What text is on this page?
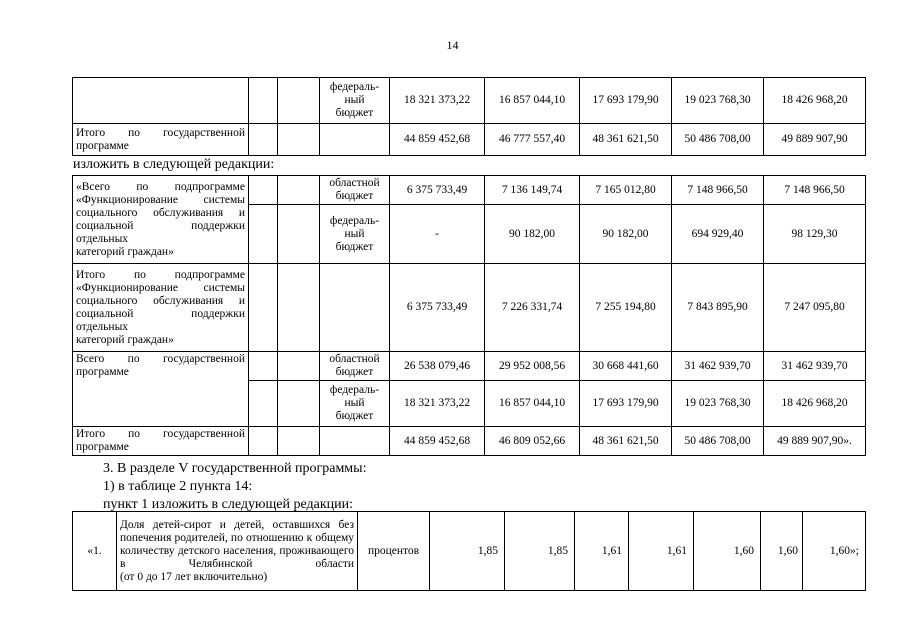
14
			федераль-
ный
бюджет	18 321 373,22	16 857 044,10	17 693 179,90	19 023 768,30	18 426 968,20
Итого по государственной
программе				44 859 452,68	46 777 557,40	48 361 621,50	50 486 708,00	49 889 907,90
изложить в следующей редакции:
«Всего по подпрограмме «Функционирование системы социального обслуживания и социальной поддержки отдельных
категорий граждан»			областной
бюджет	6 375 733,49	7 136 149,74	7 165 012,80	7 148 966,50	7 148 966,50
			федераль-
ный
бюджет	-	90 182,00	90 182,00	694 929,40	98 129,30
Итого по подпрограмме «Функционирование системы социального обслуживания и социальной поддержки отдельных
категорий граждан»				6 375 733,49	7 226 331,74	7 255 194,80	7 843 895,90	7 247 095,80
Всего по государственной
программе			областной
бюджет	26 538 079,46	29 952 008,56	30 668 441,60	31 462 939,70	31 462 939,70
			федераль-
ный
бюджет	18 321 373,22	16 857 044,10	17 693 179,90	19 023 768,30	18 426 968,20
Итого по государственной
программе				44 859 452,68	46 809 052,66	48 361 621,50	50 486 708,00	49 889 907,90».
3. В разделе V государственной программы:
1) в таблице 2 пункта 14:
пункт 1 изложить в следующей редакции:
«1.	Доля детей-сирот и детей, оставшихся без попечения родителей, по отношению к общему количеству детского населения, проживающего в Челябинской области
(от 0 до 17 лет включительно)
	процентов	1,85	1,85	1,61	1,61	1,60	1,60	1,60»;
